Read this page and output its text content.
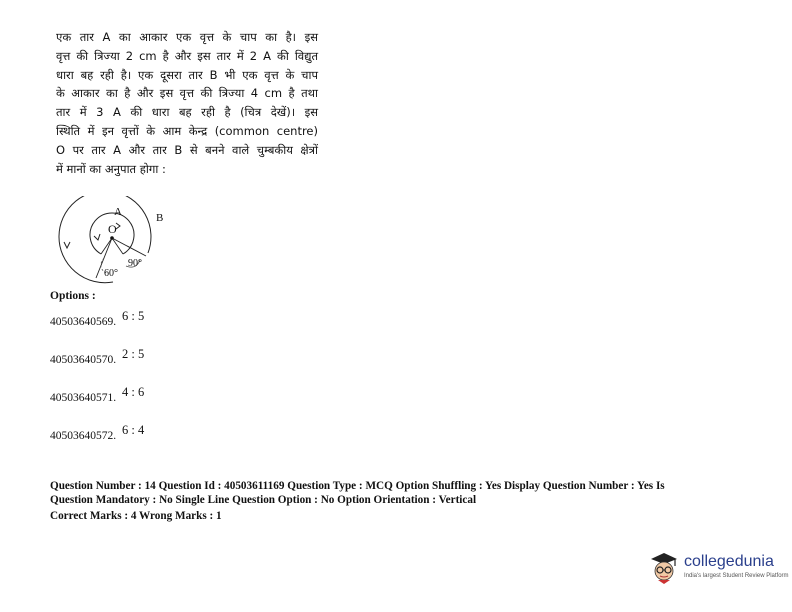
एक तार A का आकार एक वृत्त के चाप का है। इस
वृत्त की त्रिज्या 2 cm है और इस तार में 2 A की विद्युत
धारा बह रही है। एक दूसरा तार B भी एक वृत्त के चाप
के आकार का है और इस वृत्त की त्रिज्या 4 cm है तथा
तार में 3 A की धारा बह रही है (चित्र देखें)। इस
स्थिति में इन वृत्तों के आम केन्द्र (common centre)
O पर तार A और तार B से बनने वाले चुम्बकीय क्षेत्रों
में मानों का अनुपात होगा :
A	B
O
60°
90°
Options :
40503640569. 6 : 5
40503640570. 2 : 5
40503640571. 4 : 6
40503640572. 6 : 4
Question Number : 14 Question Id : 40503611169 Question Type : MCQ Option Shuffling : Yes Display Question Number : Yes Is
Question Mandatory : No Single Line Question Option : No Option Orientation : Vertical
Correct Marks : 4 Wrong Marks : 1
collegedunia
India's largest Student Review Platform
